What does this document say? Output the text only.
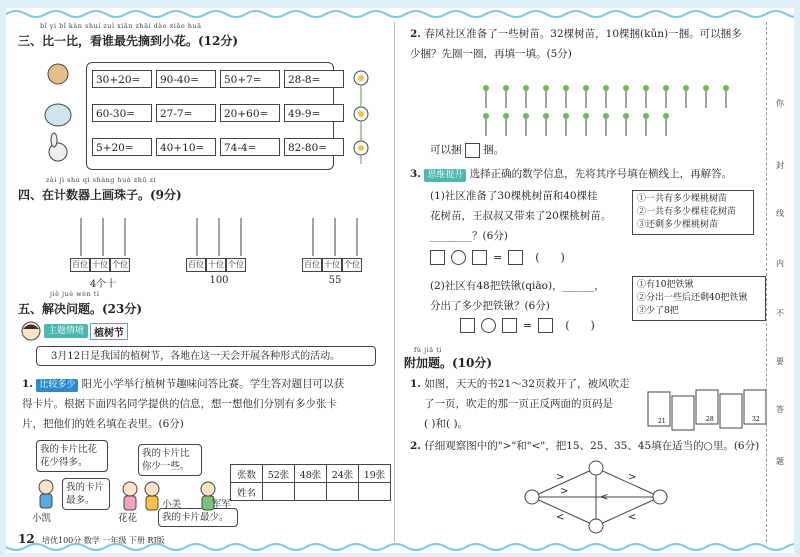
bǐ yi bǐ kàn shuí zuì xiān zhāi dào xiǎo huā
三、比一比，看谁最先摘到小花。(12分)
30+20=	90-40=	50+7=	28-8=
60-30=	27-7=	20+60=	49-9=
5+20=	40+10=	74-4=	82-80=
zài jì shù qì shàng huà zhū zi
四、在计数器上画珠子。(9分)
百位 十位 个位
4个十
百位 十位 个位
100
百位 十位 个位
55
jiě jué wèn tí
五、解决问题。(23分)
主题情境	植树节
3月12日是我国的植树节，各地在这一天会开展各种形式的活动。
1. 比较多少 阳光小学举行植树节趣味问答比赛。学生答对题目可以获
得卡片。根据下面四名同学提供的信息，想一想他们分别有多少张卡
片，把他们的姓名填在表里。(6分)
我的卡片比花花少得多。
我的卡片比你少一些。
我的卡片最多。
我的卡片最少。
小凯	花花
小美	军军
张数	52张	48张	24张	19张
姓名				
12 培优100分 数学 一年级 下册 RJ版
2. 春风社区准备了一些树苗。32棵树苗，10棵捆(kǔn)一捆。可以捆多
少捆？先圈一圈，再填一填。(5分)
可以捆 捆。
3. 思维提升 选择正确的数学信息，先将其序号填在横线上，再解答。
(1)社区准备了30棵桃树苗和40棵桂
花树苗，王叔叔又带来了20棵桃树苗。
________？(6分)
①一共有多少棵桃树苗
②一共有多少棵桂花树苗
③还剩多少棵桃树苗
=	(      )
(2)社区有48把铁锹(qiāo)，______，
分出了多少把铁锹？(6分)
①有10把铁锹
②分出一些后还剩40把铁锹
③少了8把
=	(      )
fù jiā tí
附加题。(10分)
1. 如图，天天的书21～32页救开了，被风吹走
了一页，吹走的那一页正反两面的页码是
( )和( )。	21	28	32
2. 仔细观察图中的">"和"<"，把15、25、35、45填在适当的○里。(6分)
>
<
>
<
>
<
你
封
线
内
不
要
答
题
